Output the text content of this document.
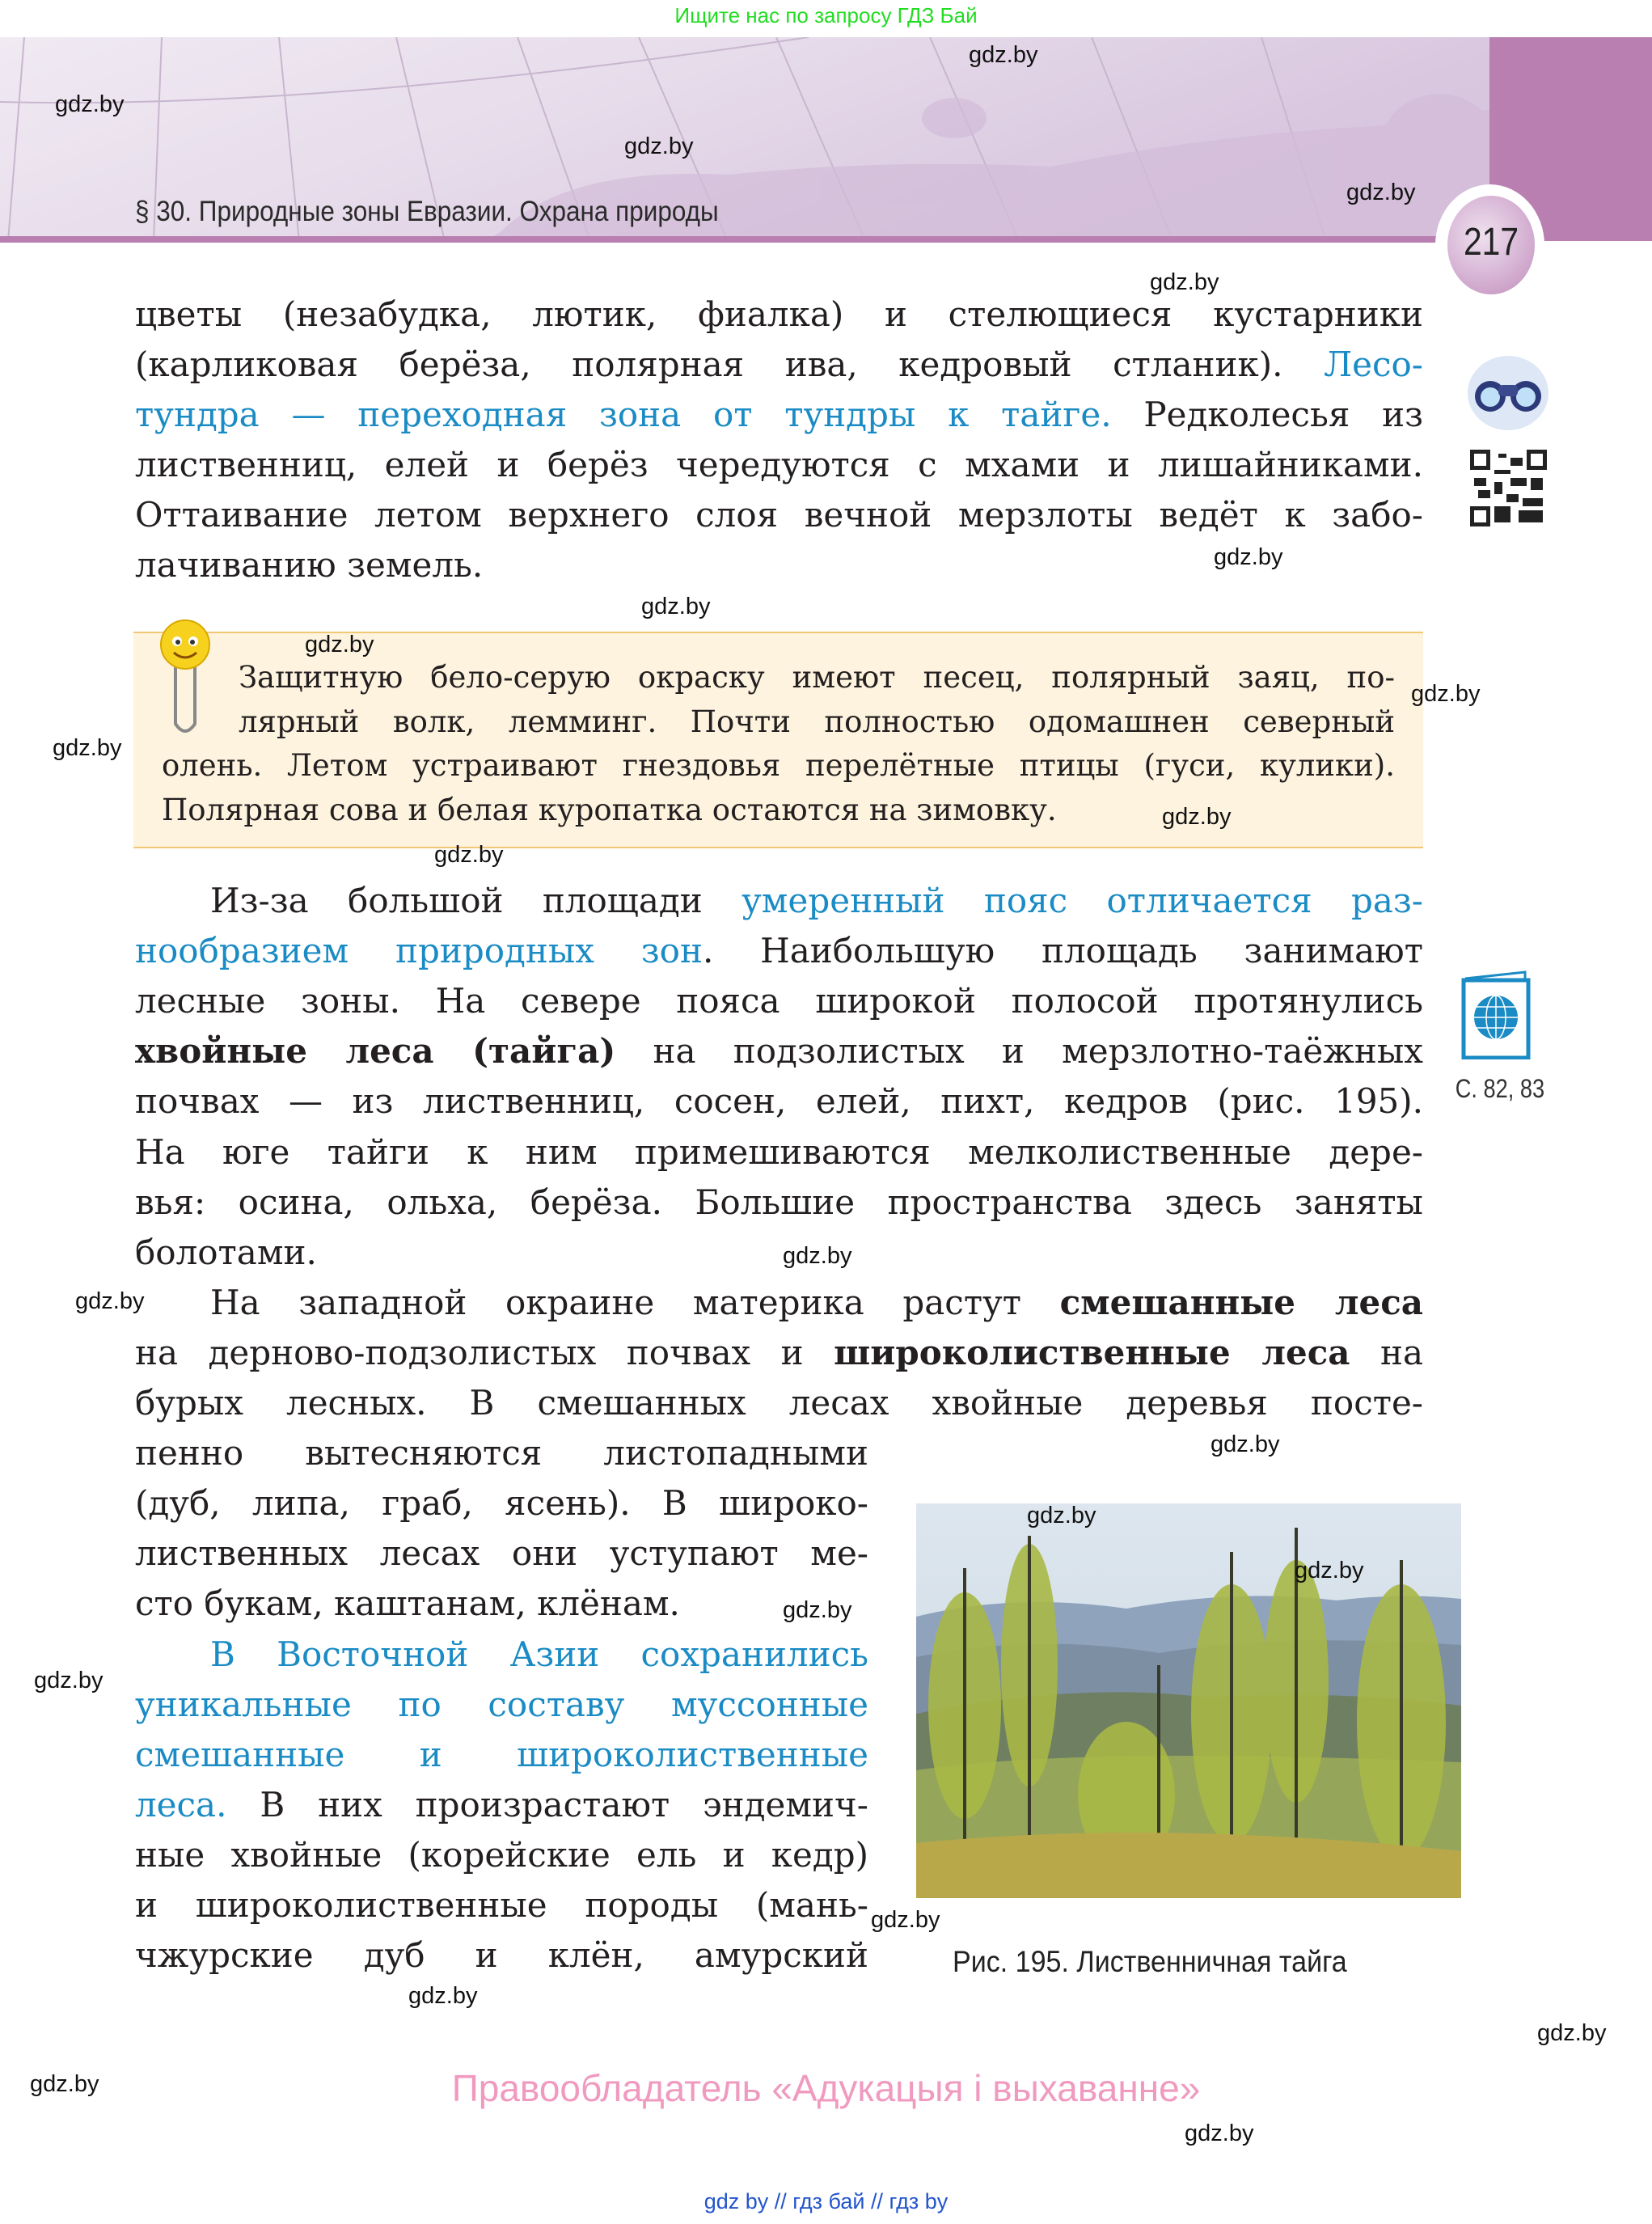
Ищите нас по запросу ГДЗ Бай
§ 30. Природные зоны Евразии. Охрана природы
217
цветы (незабудка, лютик, фиалка) и стелющиеся кустарники
(карликовая берёза, полярная ива, кедровый стланик). Лесо-
тундра — переходная зона от тундры к тайге. Редколесья из
лиственниц, елей и берёз чередуются с мхами и лишайниками.
Оттаивание летом верхнего слоя вечной мерзлоты ведёт к забо-
лачиванию земель.
Защитную бело-серую окраску имеют песец, полярный заяц, по-
лярный волк, лемминг. Почти полностью одомашнен северный
олень. Летом устраивают гнездовья перелётные птицы (гуси, кулики).
Полярная сова и белая куропатка остаются на зимовку.
Из-за большой площади умеренный пояс отличается раз-
нообразием природных зон. Наибольшую площадь занимают
лесные зоны. На севере пояса широкой полосой протянулись
хвойные леса (тайга) на подзолистых и мерзлотно-таёжных
почвах — из лиственниц, сосен, елей, пихт, кедров (рис. 195).
На юге тайги к ним примешиваются мелколиственные дере-
вья: осина, ольха, берёза. Большие пространства здесь заняты
болотами.
На западной окраине материка растут смешанные леса
на дерново-подзолистых почвах и широколиственные леса на
бурых лесных. В смешанных лесах хвойные деревья посте-
пенно вытесняются листопадными
(дуб, липа, граб, ясень). В широко-
лиственных лесах они уступают ме-
сто букам, каштанам, клёнам.
В Восточной Азии сохранились
уникальные по составу муссонные
смешанные и широколиственные
леса. В них произрастают эндемич-
ные хвойные (корейские ель и кедр)
и широколиственные породы (мань-
чжурские дуб и клён, амурский
С. 82, 83
Рис. 195. Лиственничная тайга
Правообладатель «Адукацыя і выхаванне»
gdz by // гдз бай // гдз by
gdz.by
gdz.by
gdz.by
gdz.by
gdz.by
gdz.by
gdz.by
gdz.by
gdz.by
gdz.by
gdz.by
gdz.by
gdz.by
gdz.by
gdz.by
gdz.by
gdz.by
gdz.by
gdz.by
gdz.by
gdz.by
gdz.by
gdz.by
gdz.by
